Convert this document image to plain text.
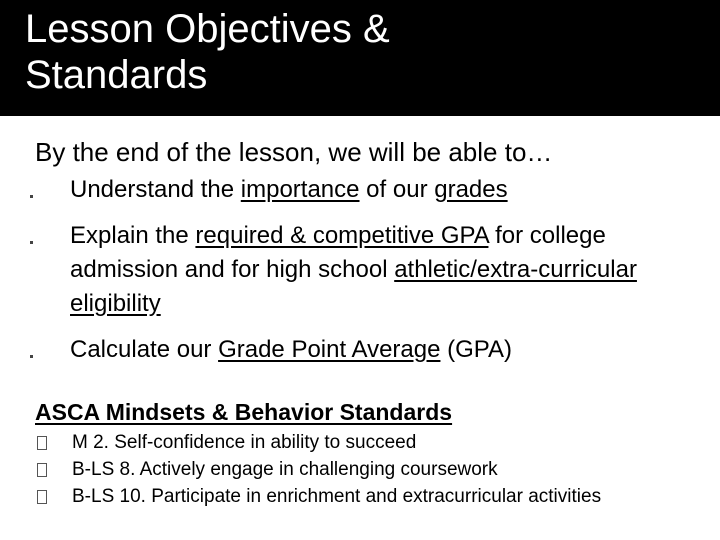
Lesson Objectives &
Standards

By the end of the lesson, we will be able to…

Understand the importance of our grades
Explain the required & competitive GPA for college admission and for high school athletic/extra-curricular eligibility
Calculate our Grade Point Average (GPA)
ASCA Mindsets & Behavior Standards
M 2. Self-confidence in ability to succeed
B-LS 8. Actively engage in challenging coursework
B-LS 10. Participate in enrichment and extracurricular activities
